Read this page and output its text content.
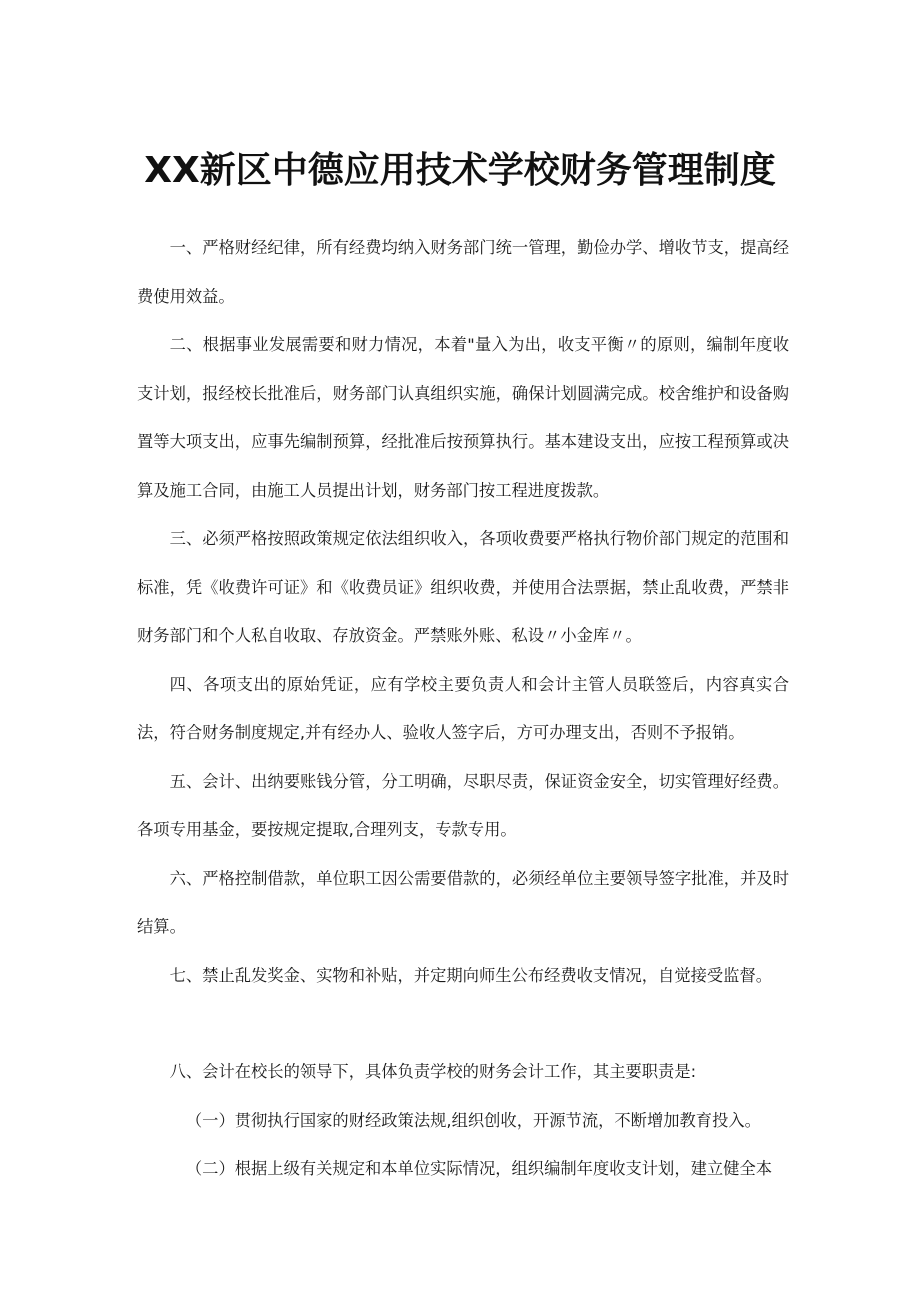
XX新区中德应用技术学校财务管理制度

一、严格财经纪律，所有经费均纳入财务部门统一管理，勤俭办学、增收节支，提高经费使用效益。

二、根据事业发展需要和财力情况，本着"量入为出，收支平衡〃的原则，编制年度收支计划，报经校长批准后，财务部门认真组织实施，确保计划圆满完成。校舍维护和设备购置等大项支出，应事先编制预算，经批准后按预算执行。基本建设支出，应按工程预算或决算及施工合同，由施工人员提出计划，财务部门按工程进度拨款。

三、必须严格按照政策规定依法组织收入，各项收费要严格执行物价部门规定的范围和标准，凭《收费许可证》和《收费员证》组织收费，并使用合法票据，禁止乱收费，严禁非财务部门和个人私自收取、存放资金。严禁账外账、私设〃小金库〃。

四、各项支出的原始凭证，应有学校主要负责人和会计主管人员联签后，内容真实合法，符合财务制度规定,并有经办人、验收人签字后，方可办理支出，否则不予报销。

五、会计、出纳要账钱分管，分工明确，尽职尽责，保证资金安全，切实管理好经费。各项专用基金，要按规定提取,合理列支，专款专用。

六、严格控制借款，单位职工因公需要借款的，必须经单位主要领导签字批准，并及时结算。

七、禁止乱发奖金、实物和补贴，并定期向师生公布经费收支情况，自觉接受监督。

八、会计在校长的领导下，具体负责学校的财务会计工作，其主要职责是:

（一）贯彻执行国家的财经政策法规,组织创收，开源节流，不断增加教育投入。

（二）根据上级有关规定和本单位实际情况，组织编制年度收支计划，建立健全本
